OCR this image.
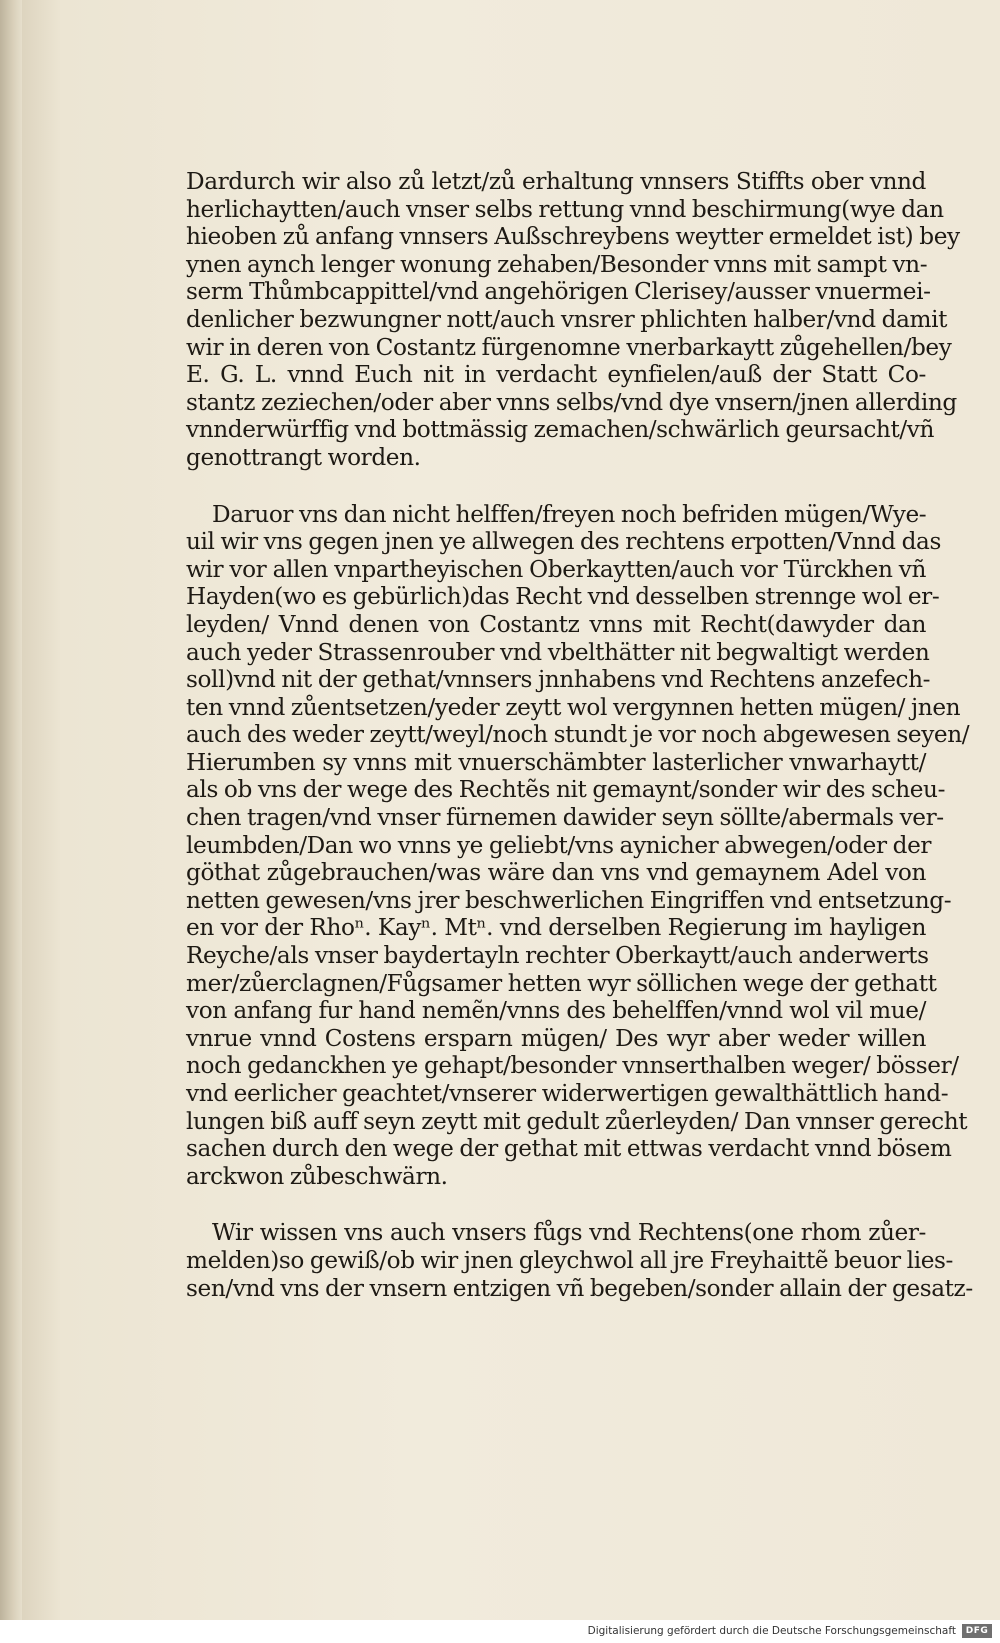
Dardurch wir also zů letzt/zů erhaltung vnnsers Stiffts ober vnnd
herlichaytten/auch vnser selbs rettung vnnd beschirmung(wye dan
hieoben zů anfang vnnsers Außschreybens weytter ermeldet ist) bey
ynen aynch lenger wonung zehaben/Besonder vnns mit sampt vn-
serm Thůmbcappittel/vnd angehörigen Clerisey/ausser vnuermei-
denlicher bezwungner nott/auch vnsrer phlichten halber/vnd damit
wir in deren von Costantz fürgenomne vnerbarkaytt zůgehellen/bey
E. G. L. vnnd Euch nit in verdacht eynfielen/auß der Statt Co-
stantz zeziechen/oder aber vnns selbs/vnd dye vnsern/jnen allerding
vnnderwürffig vnd bottmässig zemachen/schwärlich geursacht/vñ
genottrangt worden.
Daruor vns dan nicht helffen/freyen noch befriden mügen/Wye-
uil wir vns gegen jnen ye allwegen des rechtens erpotten/Vnnd das
wir vor allen vnpartheyischen Oberkaytten/auch vor Türckhen vñ
Hayden(wo es gebürlich)das Recht vnd desselben strennge wol er-
leyden/ Vnnd denen von Costantz vnns mit Recht(dawyder dan
auch yeder Strassenrouber vnd vbelthätter nit begwaltigt werden
soll)vnd nit der gethat/vnnsers jnnhabens vnd Rechtens anzefech-
ten vnnd zůentsetzen/yeder zeytt wol vergynnen hetten mügen/ jnen
auch des weder zeytt/weyl/noch stundt je vor noch abgewesen seyen/
Hierumben sy vnns mit vnuerschämbter lasterlicher vnwarhaytt/
als ob vns der wege des Rechtẽs nit gemaynt/sonder wir des scheu-
chen tragen/vnd vnser fürnemen dawider seyn söllte/abermals ver-
leumbden/Dan wo vnns ye geliebt/vns aynicher abwegen/oder der
göthat zůgebrauchen/was wäre dan vns vnd gemaynem Adel von
netten gewesen/vns jrer beschwerlichen Eingriffen vnd entsetzung-
en vor der Rhoⁿ. Kayⁿ. Mtⁿ. vnd derselben Regierung im hayligen
Reyche/als vnser baydertayln rechter Oberkaytt/auch anderwerts
mer/zůerclagnen/Fůgsamer hetten wyr söllichen wege der gethatt
von anfang fur hand nemẽn/vnns des behelffen/vnnd wol vil mue/
vnrue vnnd Costens ersparn mügen/ Des wyr aber weder willen
noch gedanckhen ye gehapt/besonder vnnserthalben weger/ bösser/
vnd eerlicher geachtet/vnserer widerwertigen gewalthättlich hand-
lungen biß auff seyn zeytt mit gedult zůerleyden/ Dan vnnser gerecht
sachen durch den wege der gethat mit ettwas verdacht vnnd bösem
arckwon zůbeschwärn.
Wir wissen vns auch vnsers fůgs vnd Rechtens(one rhom zůer-
melden)so gewiß/ob wir jnen gleychwol all jre Freyhaittẽ beuor lies-
sen/vnd vns der vnsern entzigen vñ begeben/sonder allain der gesatz-
Digitalisierung gefördert durch die Deutsche Forschungsgemeinschaft	DFG
